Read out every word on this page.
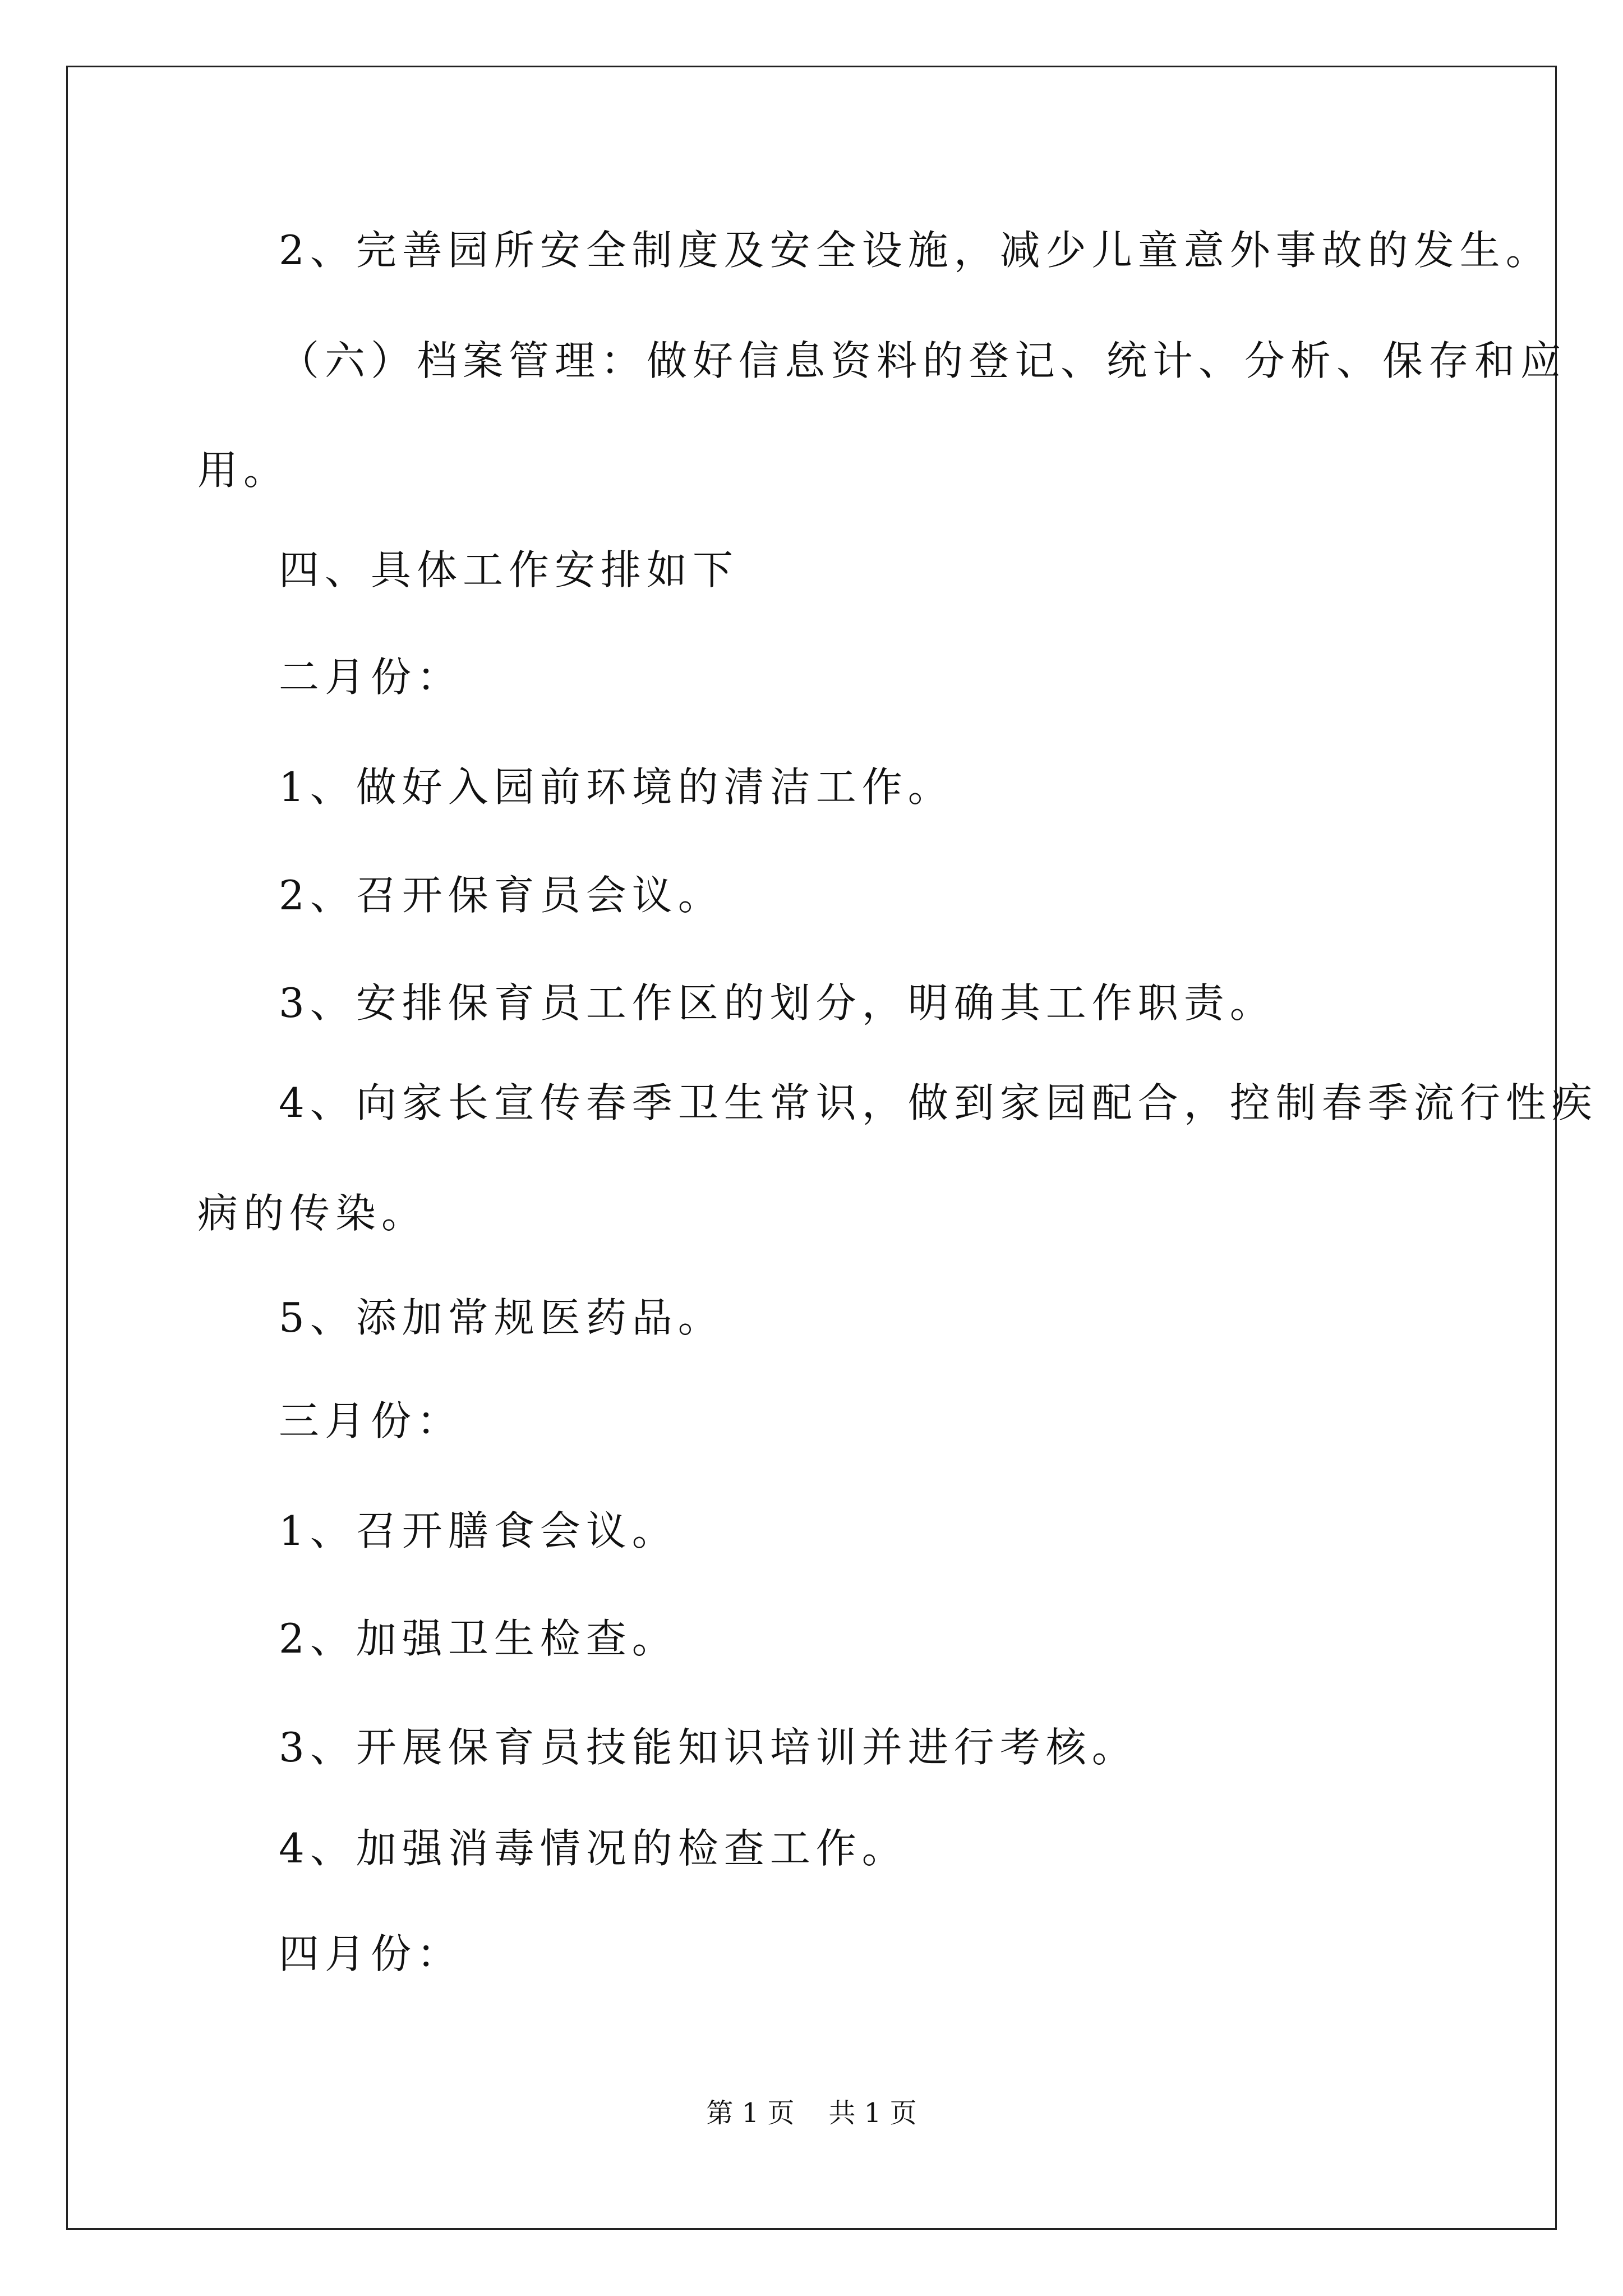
2、完善园所安全制度及安全设施，减少儿童意外事故的发生。
（六）档案管理：做好信息资料的登记、统计、分析、保存和应
用。
四、具体工作安排如下
二月份：
1、做好入园前环境的清洁工作。
2、召开保育员会议。
3、安排保育员工作区的划分，明确其工作职责。
4、向家长宣传春季卫生常识，做到家园配合，控制春季流行性疾
病的传染。
5、添加常规医药品。
三月份：
1、召开膳食会议。
2、加强卫生检查。
3、开展保育员技能知识培训并进行考核。
4、加强消毒情况的检查工作。
四月份：
第 1 页    共 1 页
